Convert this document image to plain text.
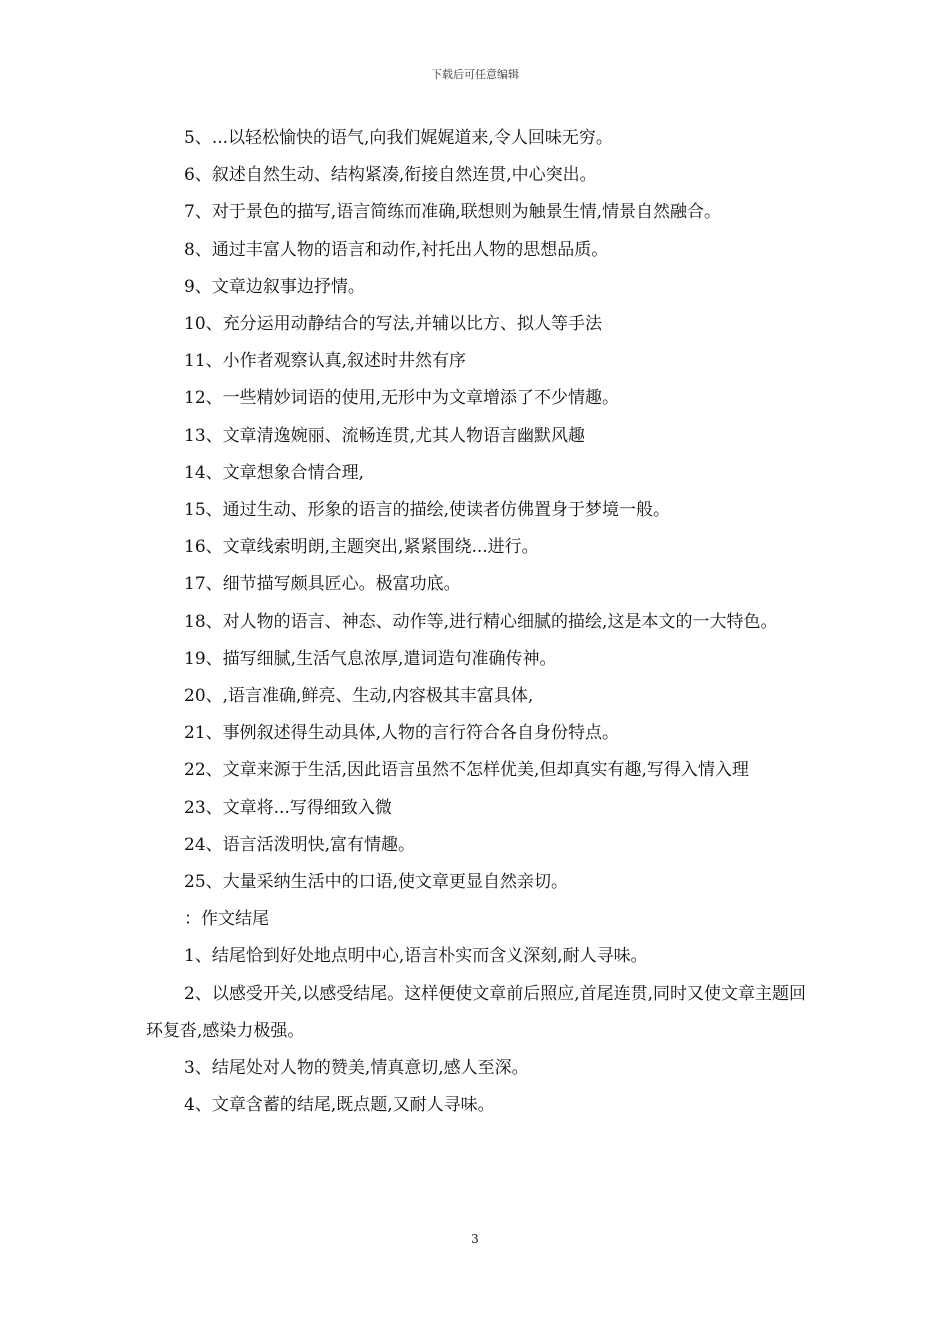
下载后可任意编辑

5、...以轻松愉快的语气,向我们娓娓道来,令人回味无穷。

6、叙述自然生动、结构紧凑,衔接自然连贯,中心突出。

7、对于景色的描写,语言简练而准确,联想则为触景生情,情景自然融合。

8、通过丰富人物的语言和动作,衬托出人物的思想品质。

9、文章边叙事边抒情。

10、充分运用动静结合的写法,并辅以比方、拟人等手法

11、小作者观察认真,叙述时井然有序

12、一些精妙词语的使用,无形中为文章增添了不少情趣。

13、文章清逸婉丽、流畅连贯,尤其人物语言幽默风趣

14、文章想象合情合理,

15、通过生动、形象的语言的描绘,使读者仿佛置身于梦境一般。

16、文章线索明朗,主题突出,紧紧围绕...进行。

17、细节描写颇具匠心。极富功底。

18、对人物的语言、神态、动作等,进行精心细腻的描绘,这是本文的一大特色。

19、描写细腻,生活气息浓厚,遣词造句准确传神。

20、,语言准确,鲜亮、生动,内容极其丰富具体,

21、事例叙述得生动具体,人物的言行符合各自身份特点。

22、文章来源于生活,因此语言虽然不怎样优美,但却真实有趣,写得入情入理

23、文章将...写得细致入微

24、语言活泼明快,富有情趣。

25、大量采纳生活中的口语,使文章更显自然亲切。

：作文结尾

1、结尾恰到好处地点明中心,语言朴实而含义深刻,耐人寻味。

2、以感受开关,以感受结尾。这样便使文章前后照应,首尾连贯,同时又使文章主题回环复沓,感染力极强。

3、结尾处对人物的赞美,情真意切,感人至深。

4、文章含蓄的结尾,既点题,又耐人寻味。

3
